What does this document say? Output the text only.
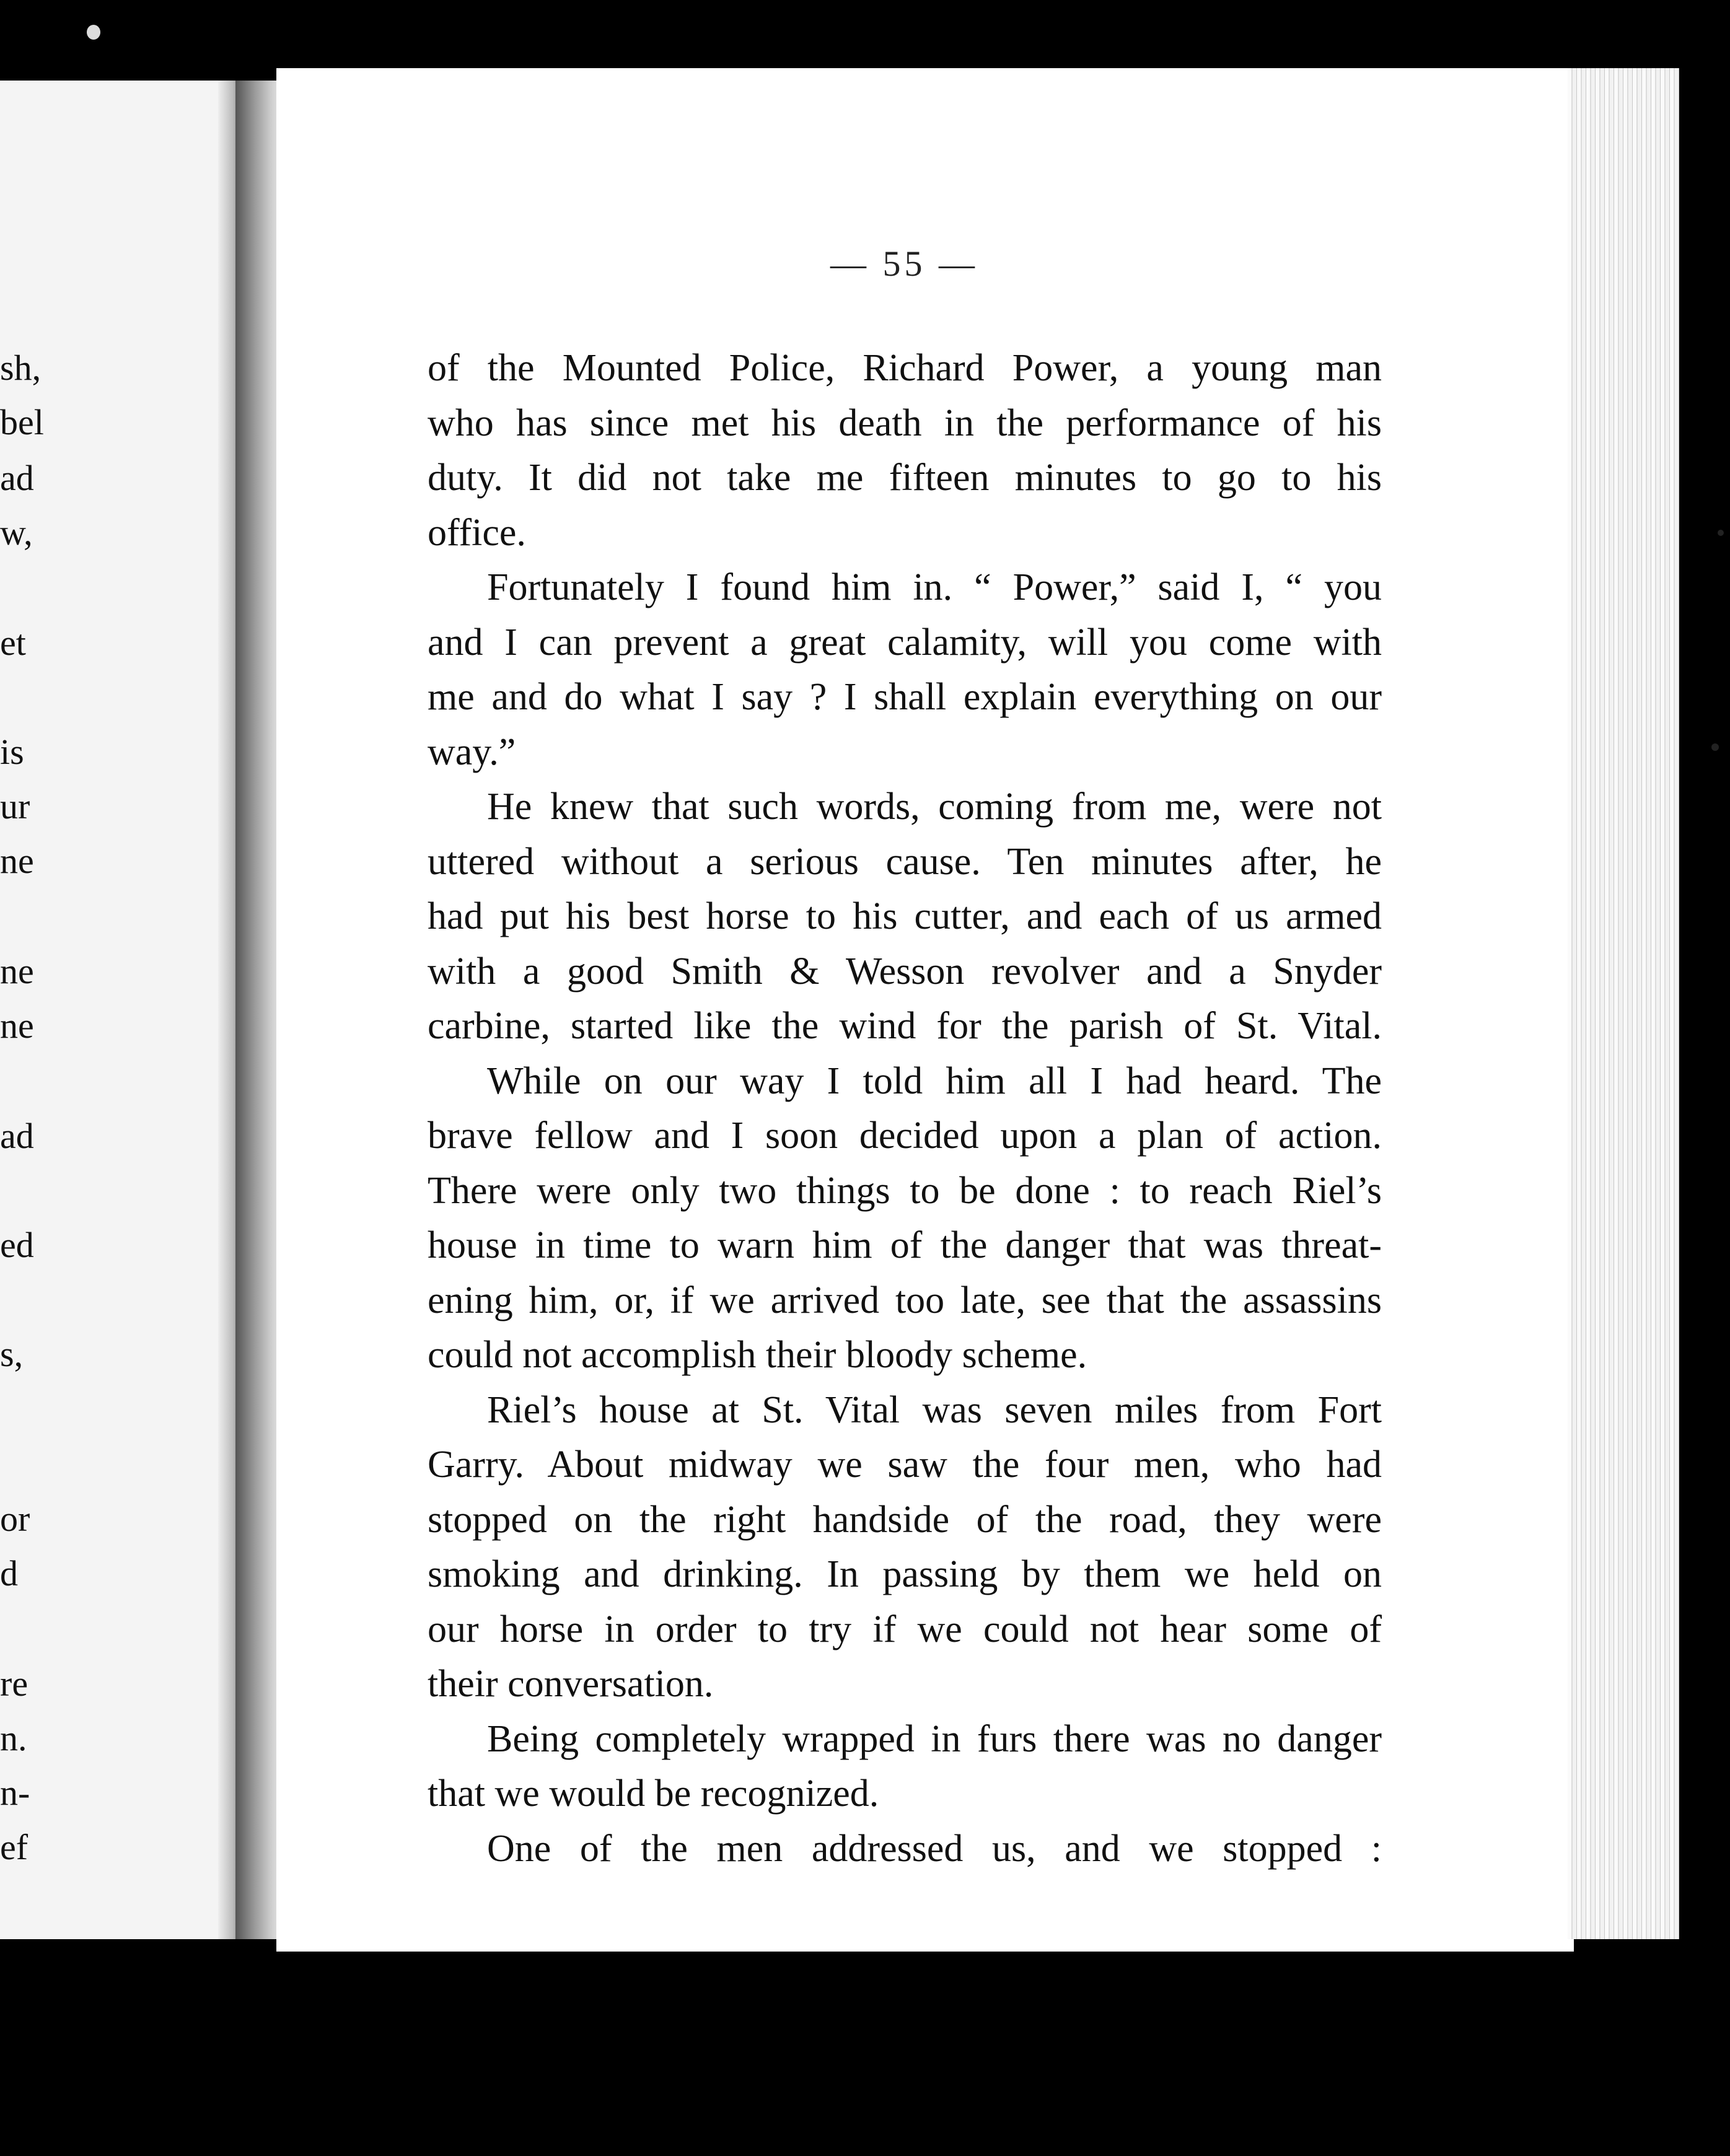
sh,

bel

ad

w,

et

is

ur

ne

ne

ne

ad

ed

s,

or

d

re

n.

n-

ef

— 55 —

of the Mounted Police, Richard Power, a young man
who has since met his death in the performance of his
duty. It did not take me fifteen minutes to go to his
office.
Fortunately I found him in. “ Power,” said I, “ you
and I can prevent a great calamity, will you come with
me and do what I say ? I shall explain everything on our
way.”
He knew that such words, coming from me, were not
uttered without a serious cause. Ten minutes after, he
had put his best horse to his cutter, and each of us armed
with a good Smith & Wesson revolver and a Snyder
carbine, started like the wind for the parish of St. Vital.
While on our way I told him all I had heard. The
brave fellow and I soon decided upon a plan of action.
There were only two things to be done : to reach Riel’s
house in time to warn him of the danger that was threat-
ening him, or, if we arrived too late, see that the assassins
could not accomplish their bloody scheme.
Riel’s house at St. Vital was seven miles from Fort
Garry. About midway we saw the four men, who had
stopped on the right handside of the road, they were
smoking and drinking. In passing by them we held on
our horse in order to try if we could not hear some of
their conversation.
Being completely wrapped in furs there was no danger
that we would be recognized.
One of the men addressed us, and we stopped :
